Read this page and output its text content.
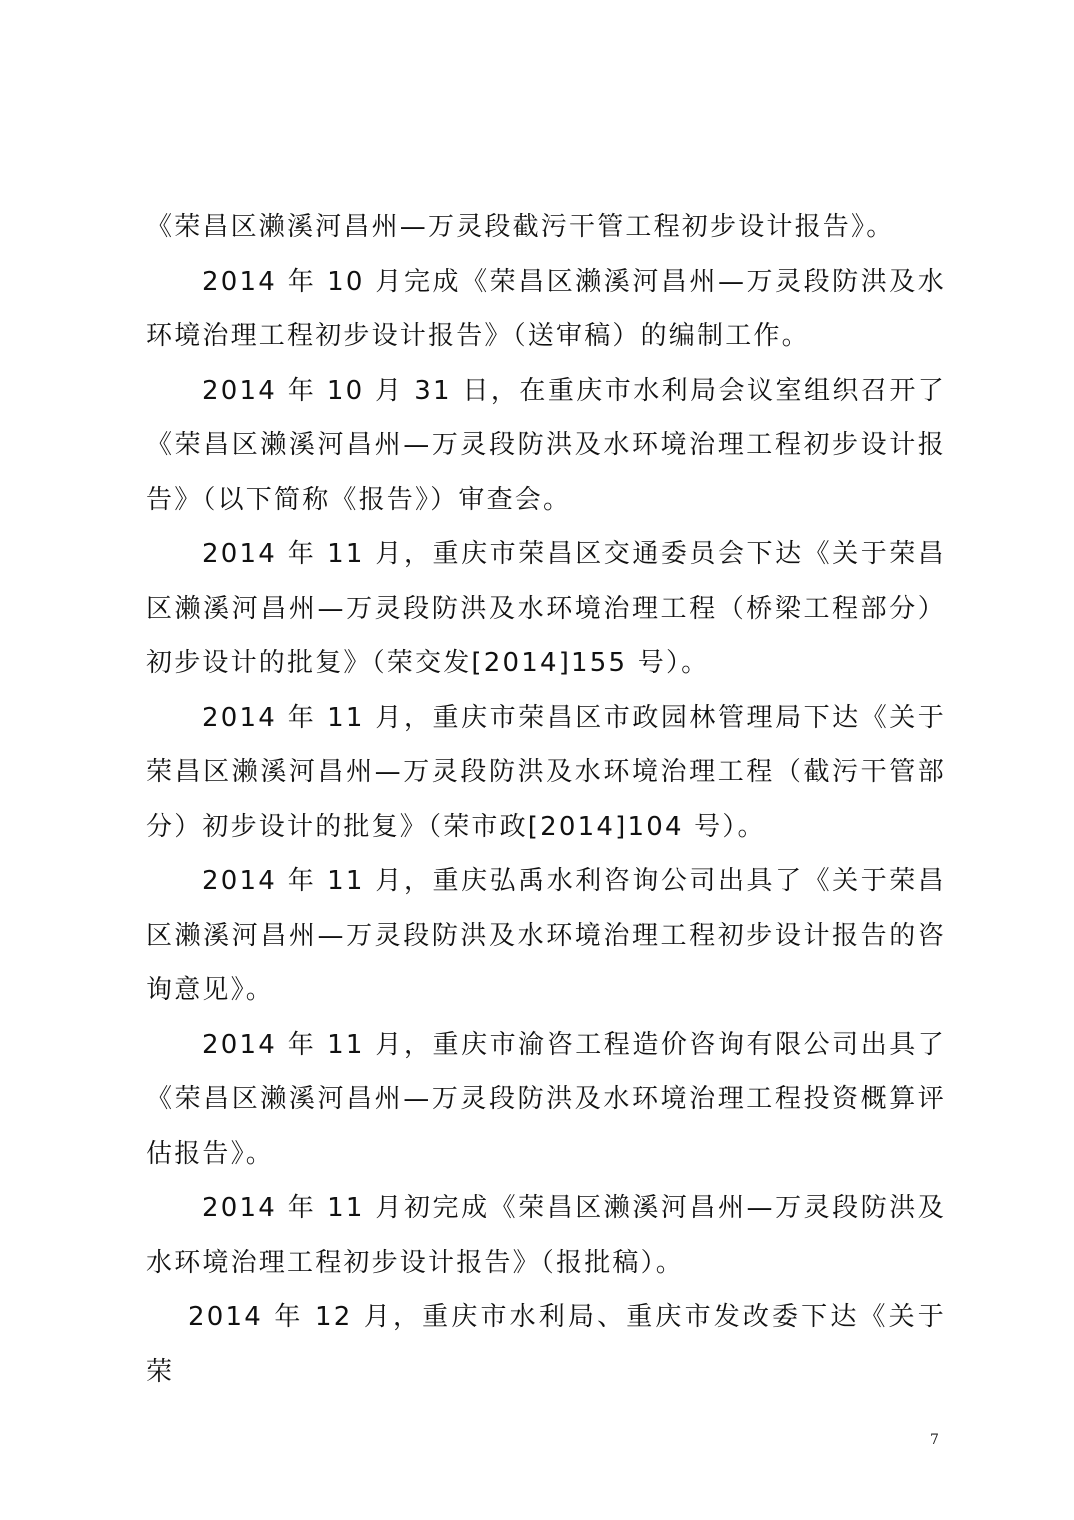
《荣昌区濑溪河昌州—万灵段截污干管工程初步设计报告》。

2014 年 10 月完成《荣昌区濑溪河昌州—万灵段防洪及水环境治理工程初步设计报告》（送审稿）的编制工作。

2014 年 10 月 31 日，在重庆市水利局会议室组织召开了《荣昌区濑溪河昌州—万灵段防洪及水环境治理工程初步设计报告》（以下简称《报告》）审查会。

2014 年 11 月，重庆市荣昌区交通委员会下达《关于荣昌区濑溪河昌州—万灵段防洪及水环境治理工程（桥梁工程部分）初步设计的批复》（荣交发[2014]155 号）。

2014 年 11 月，重庆市荣昌区市政园林管理局下达《关于荣昌区濑溪河昌州—万灵段防洪及水环境治理工程（截污干管部分）初步设计的批复》（荣市政[2014]104 号）。

2014 年 11 月，重庆弘禹水利咨询公司出具了《关于荣昌区濑溪河昌州—万灵段防洪及水环境治理工程初步设计报告的咨询意见》。

2014 年 11 月，重庆市渝咨工程造价咨询有限公司出具了《荣昌区濑溪河昌州—万灵段防洪及水环境治理工程投资概算评估报告》。

2014 年 11 月初完成《荣昌区濑溪河昌州—万灵段防洪及水环境治理工程初步设计报告》（报批稿）。

2014 年 12 月，重庆市水利局、重庆市发改委下达《关于荣

7
